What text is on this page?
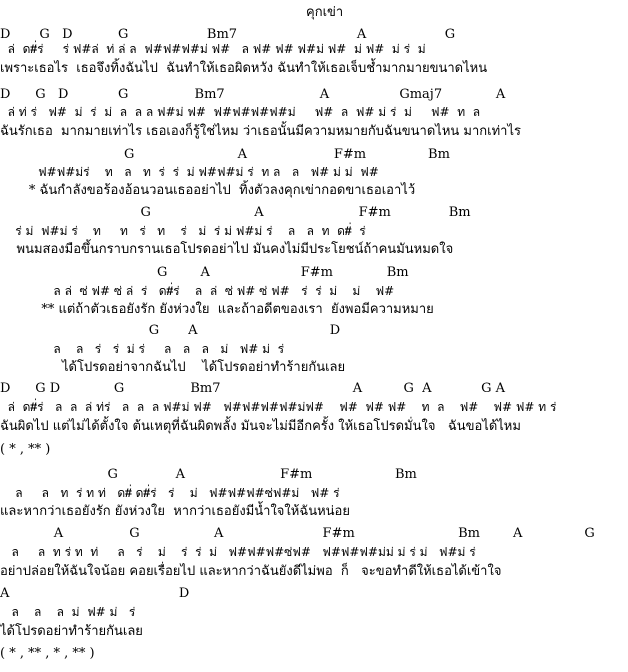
คุกเข่า
D       G   D           G                   Bm7                             A                   G
ล่  ด#่ร่     ร่ ฟ#ล่  ท่ ล่ ล  ฟ#ฟ#ฟ#ม่ ฟ#   ล ฟ# ฟ# ฟ#ม่ ฟ#  ม่ ฟ#  ม่ ร่  ม่
เพราะเธอไร  เธอจึงทิ้งฉันไป  ฉันทำให้เธอผิดหวัง ฉันทำให้เธอเจ็บช้ำมากมายขนาดไหน
D      G   D            G                Bm7                       A                 Gmaj7             A
ล่ ท่ ร่   ฟ#  ม่  ร่  ม่  ล  ล ล ฟ#ม่ ฟ#  ฟ#ฟ#ฟ#ฟ#ม่     ฟ#  ล  ฟ# ม่ ร่  ม่     ฟ#  ท  ล
ฉันรักเธอ  มากมายเท่าไร เธอเองก็รู้ใช่ไหม ว่าเธอนั้นมีความหมายกับฉันขนาดไหน มากเท่าไร
G                         A                     F#m               Bm
ฟ#ฟ#ม่ร่    ท   ล   ท  ร่  ร่  ม่ ฟ#ฟ#ม่ ร่  ท ล   ล   ฟ# ม่ ม่  ฟ#
* ฉันกำลังขอร้องอ้อนวอนเธออย่าไป  ทิ้งตัวลงคุกเข่ากอดขาเธอเอาไว้
G                         A                       F#m              Bm
ร่ ม่  ฟ#ม่ ร่    ท     ท   ร่   ท    ร่   ม่  ร่ ม่ ฟ#ม่ ร่    ล   ล  ท  ด#่  ร่
พนมสองมือขึ้นกราบกรานเธอโปรดอย่าไป มันคงไม่มีประโยชน์ถ้าคนมันหมดใจ
G        A                      F#m             Bm
ล ล่  ซ่ ฟ# ซ่ ล่  ร่   ด#่ร่    ล  ล่  ซ่ ฟ# ซ่ ฟ#   ร่  ร่  ม่    ม่    ฟ#
** แต่ถ้าตัวเธอยังรัก ยังห่วงใย  และถ้าอดีตของเรา  ยังพอมีความหมาย
G       A                                D
ล    ล   ร่   ร่  ม่ ร่     ล   ล   ล   ม่   ฟ# ม่  ร่
ได้โปรดอย่าจากฉันไป    ได้โปรดอย่าทำร้ายกันเลย
D      G D             G                Bm7                                A          G  A            G A
ล่  ด#่ร่   ล  ล  ล่ ท่ร่   ล  ล  ล ฟ#ม่ ฟ#   ฟ#ฟ#ฟ#ฟ#ม่ฟ#    ฟ#  ฟ# ฟ#    ท  ล    ฟ#    ฟ# ฟ# ท ร่
ฉันผิดไป แต่ไม่ได้ตั้งใจ ต้นเหตุที่ฉันผิดพลั้ง มันจะไม่มีอีกครั้ง ให้เธอโปรดมั่นใจ   ฉันขอได้ไหม
( * , ** )
G              A                       F#m                    Bm
ล     ล   ท  ร่ ท ท่   ด#่ ด#่ร่   ร่    ม่   ฟ#ฟ#ฟ#ซ่ฟ#ม่   ฟ# ร่
และหากว่าเธอยังรัก ยังห่วงใย  หากว่าเธอยังมีน้ำใจให้ฉันหน่อย
A                G                  A                        F#m                         Bm        A               G
ล     ล  ท ร่ ท  ท่     ล   ร่    ม่    ร่  ร่  ม่   ฟ#ฟ#ฟ#ซ่ฟ#   ฟ#ฟ#ฟ#ม่ม่ ม่ ร่ ม่   ฟ#ม่ ร่
อย่าปล่อยให้ฉันใจน้อย คอยเรื่อยไป และหากว่าฉันยังดีไม่พอ  ก็   จะขอทำดีให้เธอได้เข้าใจ
A                                         D
ล    ล    ล  ม่  ฟ# ม่   ร่
ได้โปรดอย่าทำร้ายกันเลย
( * , ** , * , ** )
